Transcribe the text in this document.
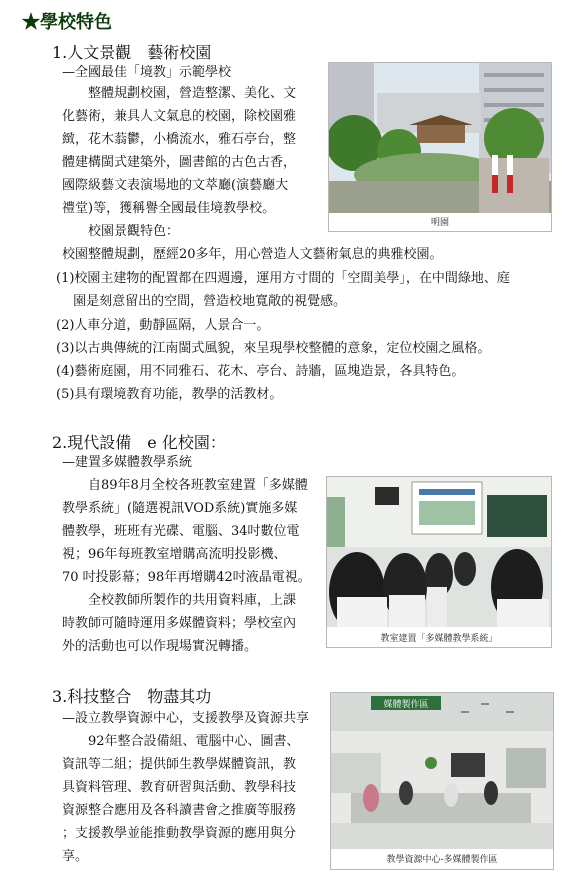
★學校特色
1.人文景觀　藝術校園
—全國最佳「境教」示範學校
　　整體規劃校園，營造整潔、美化、文
化藝術，兼具人文氣息的校園，除校園雅
緻，花木蓊鬱，小橋流水，雅石亭台，整
體建構閩式建築外，圖書館的古色古香，
國際級藝文表演場地的文萃廳(演藝廳大
禮堂)等，獲稱譽全國最佳境教學校。
　　校園景觀特色：
校園整體規劃，歷經20多年，用心營造人文藝術氣息的典雅校園。
(1)校園主建物的配置都在四週邊，運用方寸間的「空間美學」，在中間綠地、庭
　 園是刻意留出的空間，營造校地寬敞的視覺感。
(2)人車分道，動靜區隔，人景合一。
(3)以古典傳統的江南閩式風貌，來呈現學校整體的意象，定位校園之風格。
(4)藝術庭園，用不同雅石、花木、亭台、詩牆，區塊造景，各具特色。
(5)具有環境教育功能，教學的活教材。
明園
2.現代設備　e 化校園：
—建置多媒體教學系統
　　自89年8月全校各班教室建置「多媒體
教學系統」(隨選視訊VOD系統)實施多媒
體教學，班班有光碟、電腦、34吋數位電
視；96年每班教室增購高流明投影機、
70 吋投影幕；98年再增購42吋液晶電視。
　　全校教師所製作的共用資料庫，上課
時教師可隨時運用多媒體資料；學校室內
外的活動也可以作現場實況轉播。	教室建置「多媒體教學系統」
3.科技整合　物盡其功
—設立教學資源中心，支援教學及資源共享
　　92年整合設備組、電腦中心、圖書、
資訊等二組；提供師生教學媒體資訊，教
具資料管理、教育研習與活動、教學科技
資源整合應用及各科讀書會之推廣等服務
；支援教學並能推動教學資源的應用與分
享。
媒體製作區
教學資源中心-多媒體製作區
